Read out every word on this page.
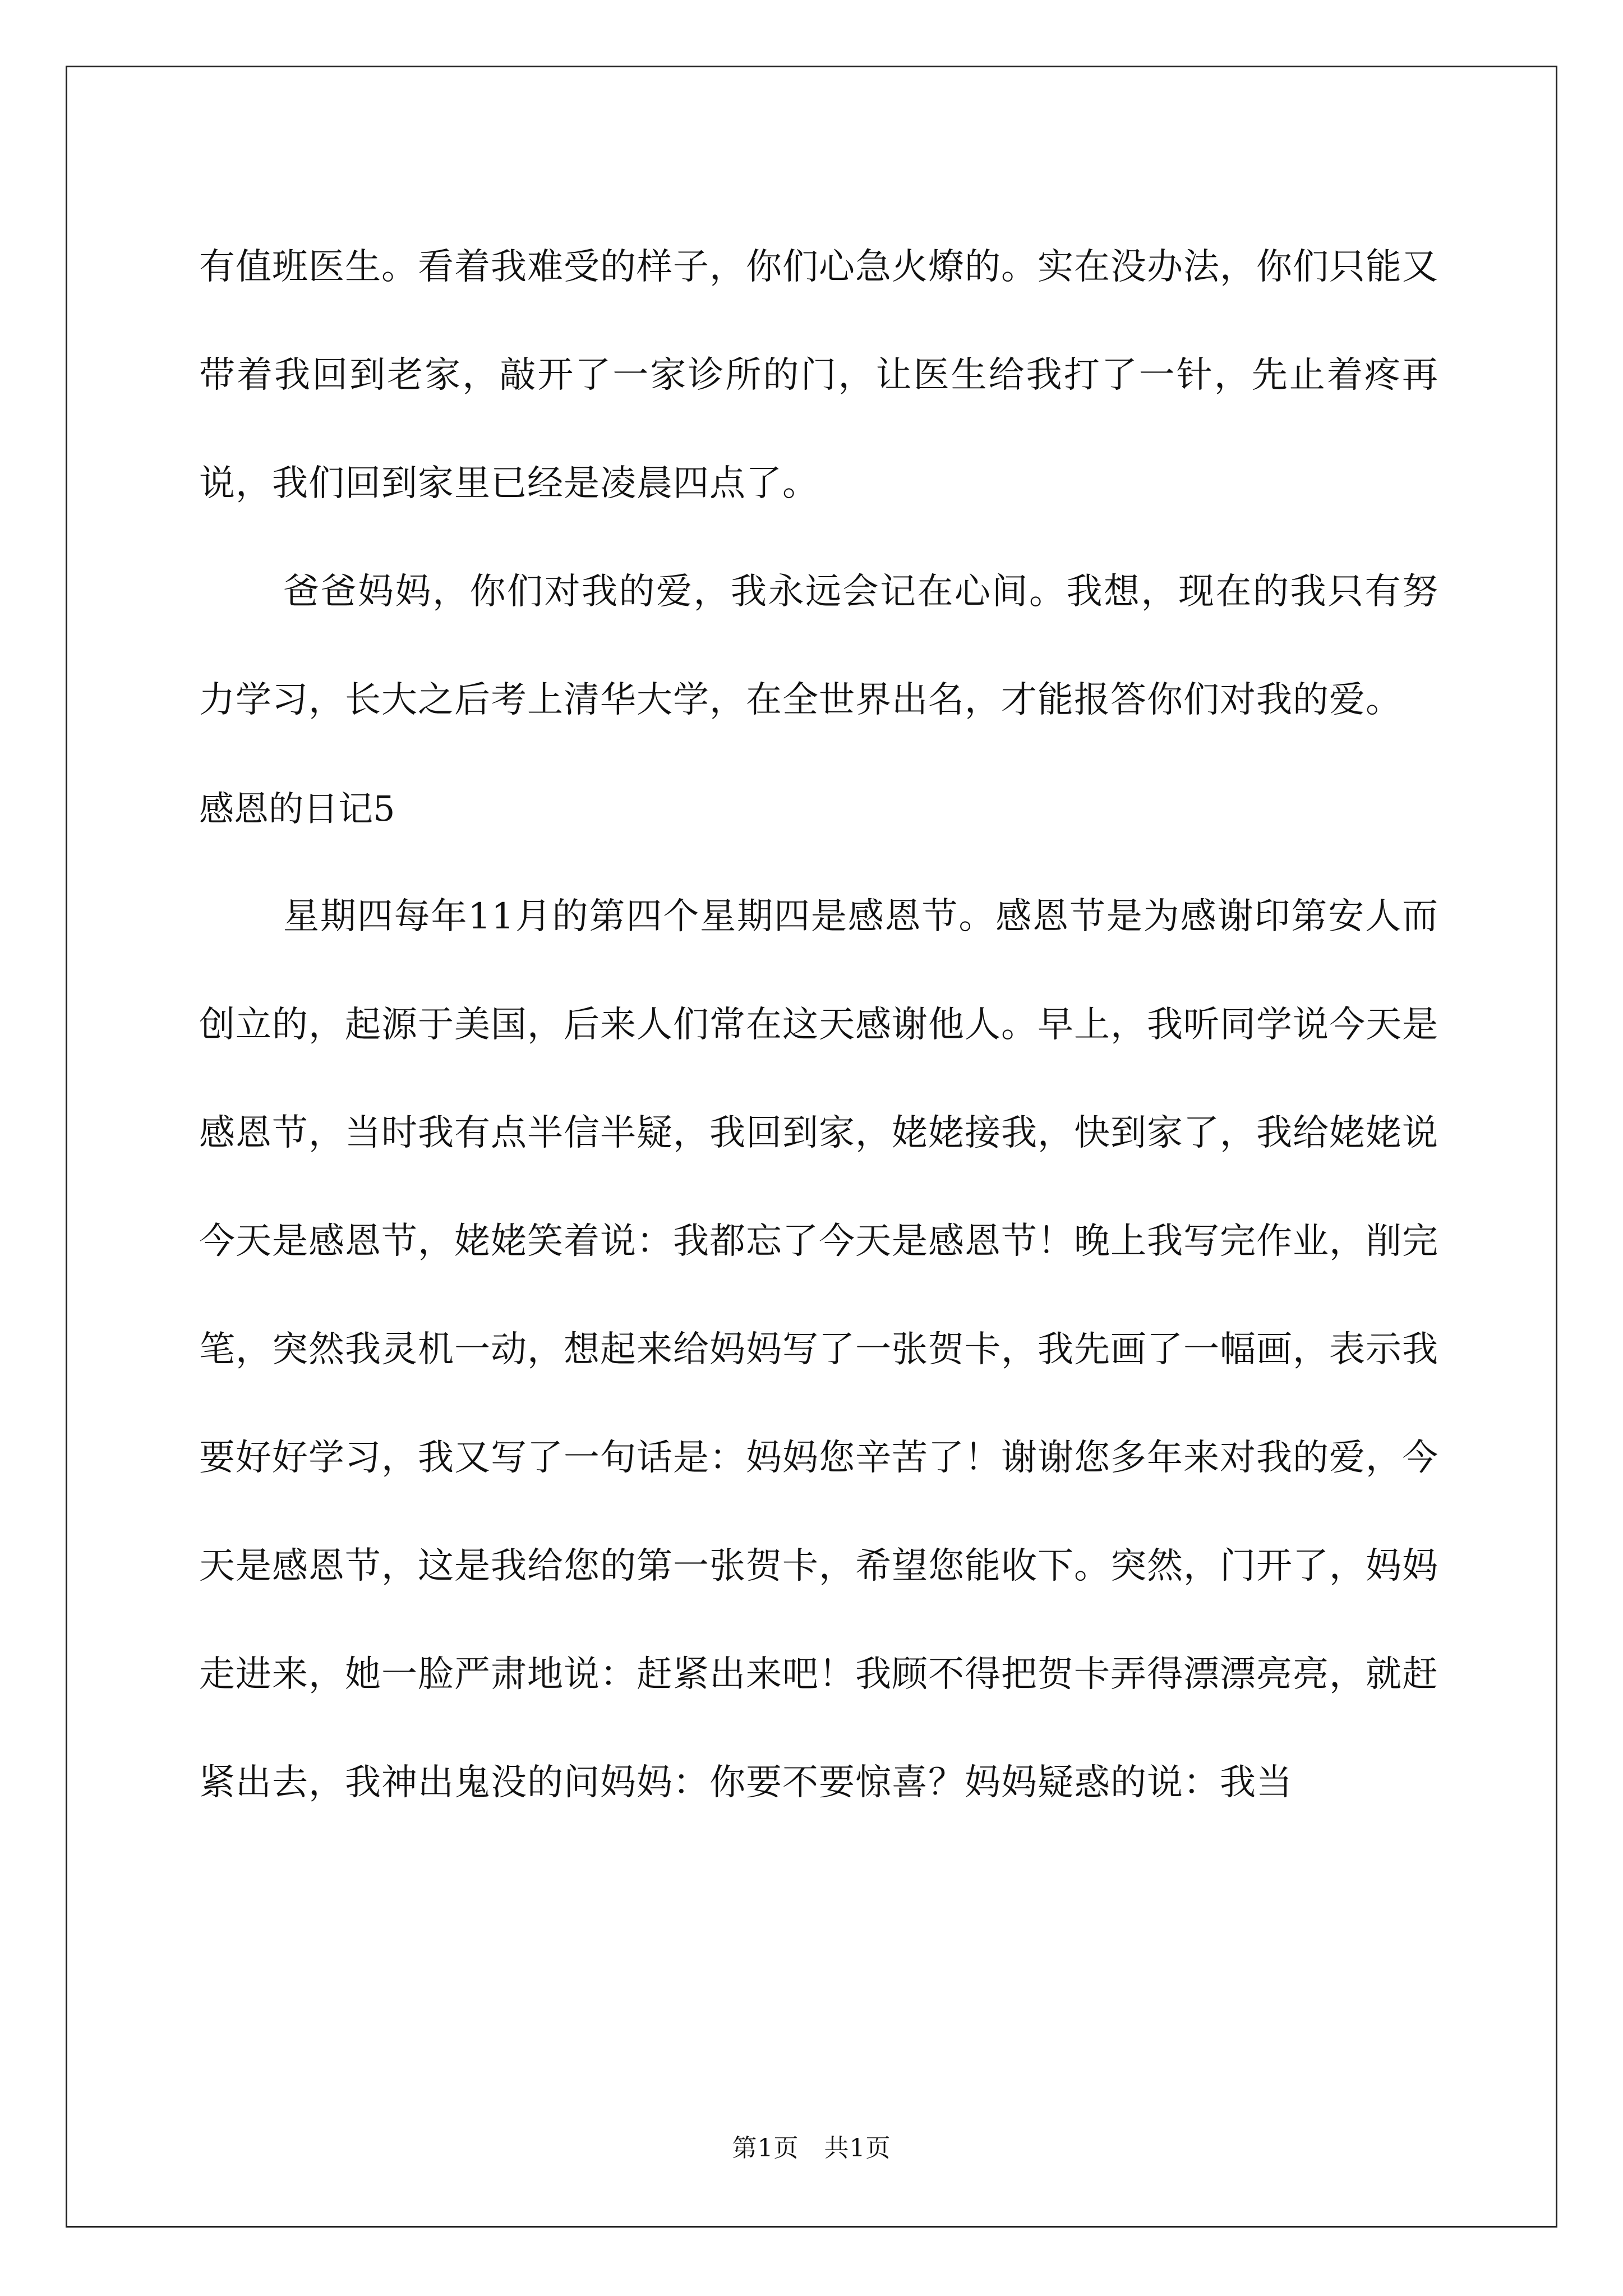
有值班医生。看着我难受的样子，你们心急火燎的。实在没办法，你们只能又带着我回到老家，敲开了一家诊所的门，让医生给我打了一针，先止着疼再说，我们回到家里已经是凌晨四点了。

爸爸妈妈，你们对我的爱，我永远会记在心间。我想，现在的我只有努力学习，长大之后考上清华大学，在全世界出名，才能报答你们对我的爱。

感恩的日记5

星期四每年11月的第四个星期四是感恩节。感恩节是为感谢印第安人而创立的，起源于美国，后来人们常在这天感谢他人。早上，我听同学说今天是感恩节，当时我有点半信半疑，我回到家，姥姥接我，快到家了，我给姥姥说今天是感恩节，姥姥笑着说：我都忘了今天是感恩节！晚上我写完作业，削完笔，突然我灵机一动，想起来给妈妈写了一张贺卡，我先画了一幅画，表示我要好好学习，我又写了一句话是：妈妈您辛苦了！谢谢您多年来对我的爱，今天是感恩节，这是我给您的第一张贺卡，希望您能收下。突然，门开了，妈妈走进来，她一脸严肃地说：赶紧出来吧！我顾不得把贺卡弄得漂漂亮亮，就赶紧出去，我神出鬼没的问妈妈：你要不要惊喜？妈妈疑惑的说：我当

第1页　共1页
